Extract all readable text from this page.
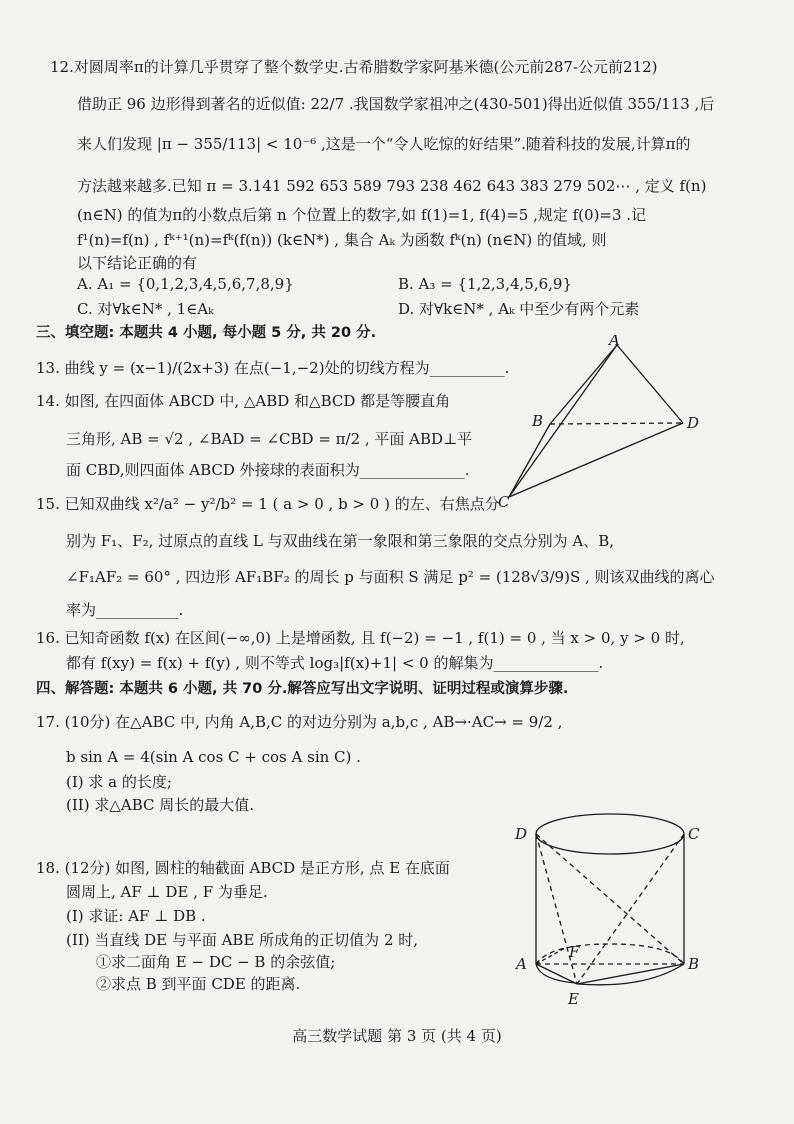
12.对圆周率π的计算几乎贯穿了整个数学史.古希腊数学家阿基米德(公元前287-公元前212)
借助正 96 边形得到著名的近似值: 22/7 .我国数学家祖冲之(430-501)得出近似值 355/113 ,后
来人们发现 |π − 355/113| < 10⁻⁶ ,这是一个“令人吃惊的好结果”.随着科技的发展,计算π的
方法越来越多.已知 π = 3.141 592 653 589 793 238 462 643 383 279 502⋯ , 定义 f(n)
(n∈N) 的值为π的小数点后第 n 个位置上的数字,如 f(1)=1, f(4)=5 ,规定 f(0)=3 .记
f¹(n)=f(n) , fᵏ⁺¹(n)=fᵏ(f(n)) (k∈N*) , 集合 Aₖ 为函数 fᵏ(n) (n∈N) 的值域, 则
以下结论正确的有
A. A₁ = {0,1,2,3,4,5,6,7,8,9}	B. A₃ = {1,2,3,4,5,6,9}
C. 对∀k∈N* , 1∈Aₖ	D. 对∀k∈N* , Aₖ 中至少有两个元素
三、填空题: 本题共 4 小题, 每小题 5 分, 共 20 分.
13. 曲线 y = (x−1)/(2x+3) 在点(−1,−2)处的切线方程为__________.
14. 如图, 在四面体 ABCD 中, △ABD 和△BCD 都是等腰直角
三角形, AB = √2 , ∠BAD = ∠CBD = π/2 , 平面 ABD⊥平
面 CBD,则四面体 ABCD 外接球的表面积为______________.
15. 已知双曲线 x²/a² − y²/b² = 1 ( a > 0 , b > 0 ) 的左、右焦点分
别为 F₁、F₂, 过原点的直线 L 与双曲线在第一象限和第三象限的交点分别为 A、B,
∠F₁AF₂ = 60° , 四边形 AF₁BF₂ 的周长 p 与面积 S 满足 p² = (128√3/9)S , 则该双曲线的离心
率为___________.
16. 已知奇函数 f(x) 在区间(−∞,0) 上是增函数, 且 f(−2) = −1 , f(1) = 0 , 当 x > 0, y > 0 时,
都有 f(xy) = f(x) + f(y) , 则不等式 log₃|f(x)+1| < 0 的解集为______________.
四、解答题: 本题共 6 小题, 共 70 分.解答应写出文字说明、证明过程或演算步骤.
17. (10分) 在△ABC 中, 内角 A,B,C 的对边分别为 a,b,c , AB→·AC→ = 9/2 ,
b sin A = 4(sin A cos C + cos A sin C) .
(I) 求 a 的长度;
(II) 求△ABC 周长的最大值.
18. (12分) 如图, 圆柱的轴截面 ABCD 是正方形, 点 E 在底面
圆周上, AF ⊥ DE , F 为垂足.
(I) 求证: AF ⊥ DB .
(II) 当直线 DE 与平面 ABE 所成角的正切值为 2 时,
①求二面角 E − DC − B 的余弦值;
②求点 B 到平面 CDE 的距离.
A
B
C
D
D	C
A	B
F
E
高三数学试题 第 3 页 (共 4 页)
